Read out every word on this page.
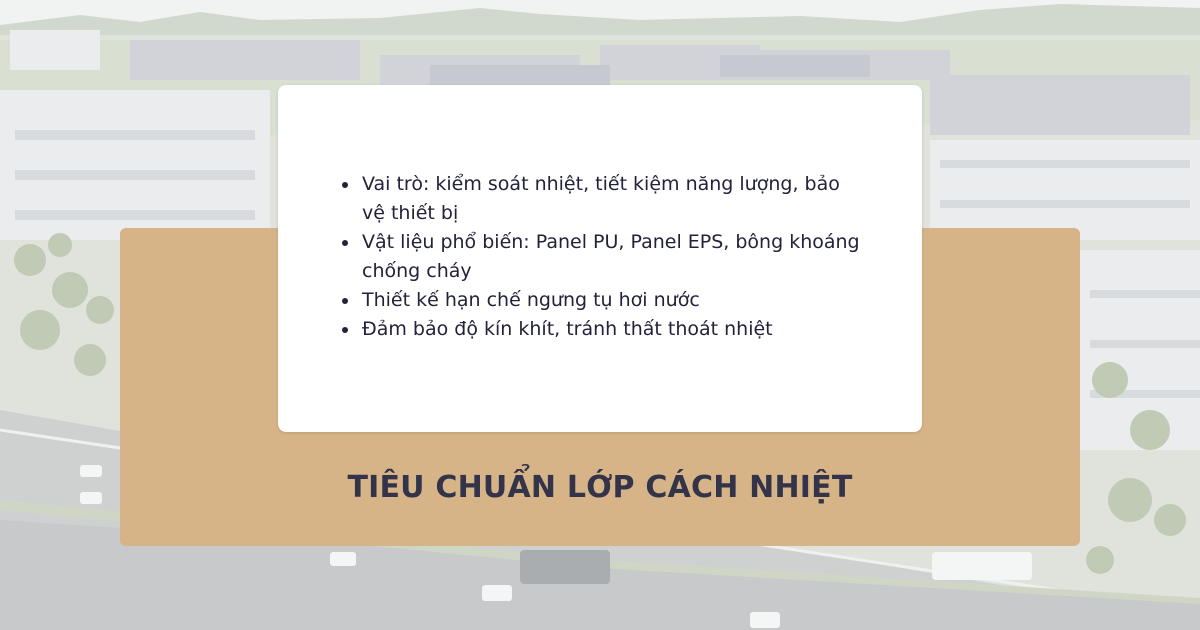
Vai trò: kiểm soát nhiệt, tiết kiệm năng lượng, bảo vệ thiết bị
Vật liệu phổ biến: Panel PU, Panel EPS, bông khoáng chống cháy
Thiết kế hạn chế ngưng tụ hơi nước
Đảm bảo độ kín khít, tránh thất thoát nhiệt
TIÊU CHUẨN LỚP CÁCH NHIỆT
